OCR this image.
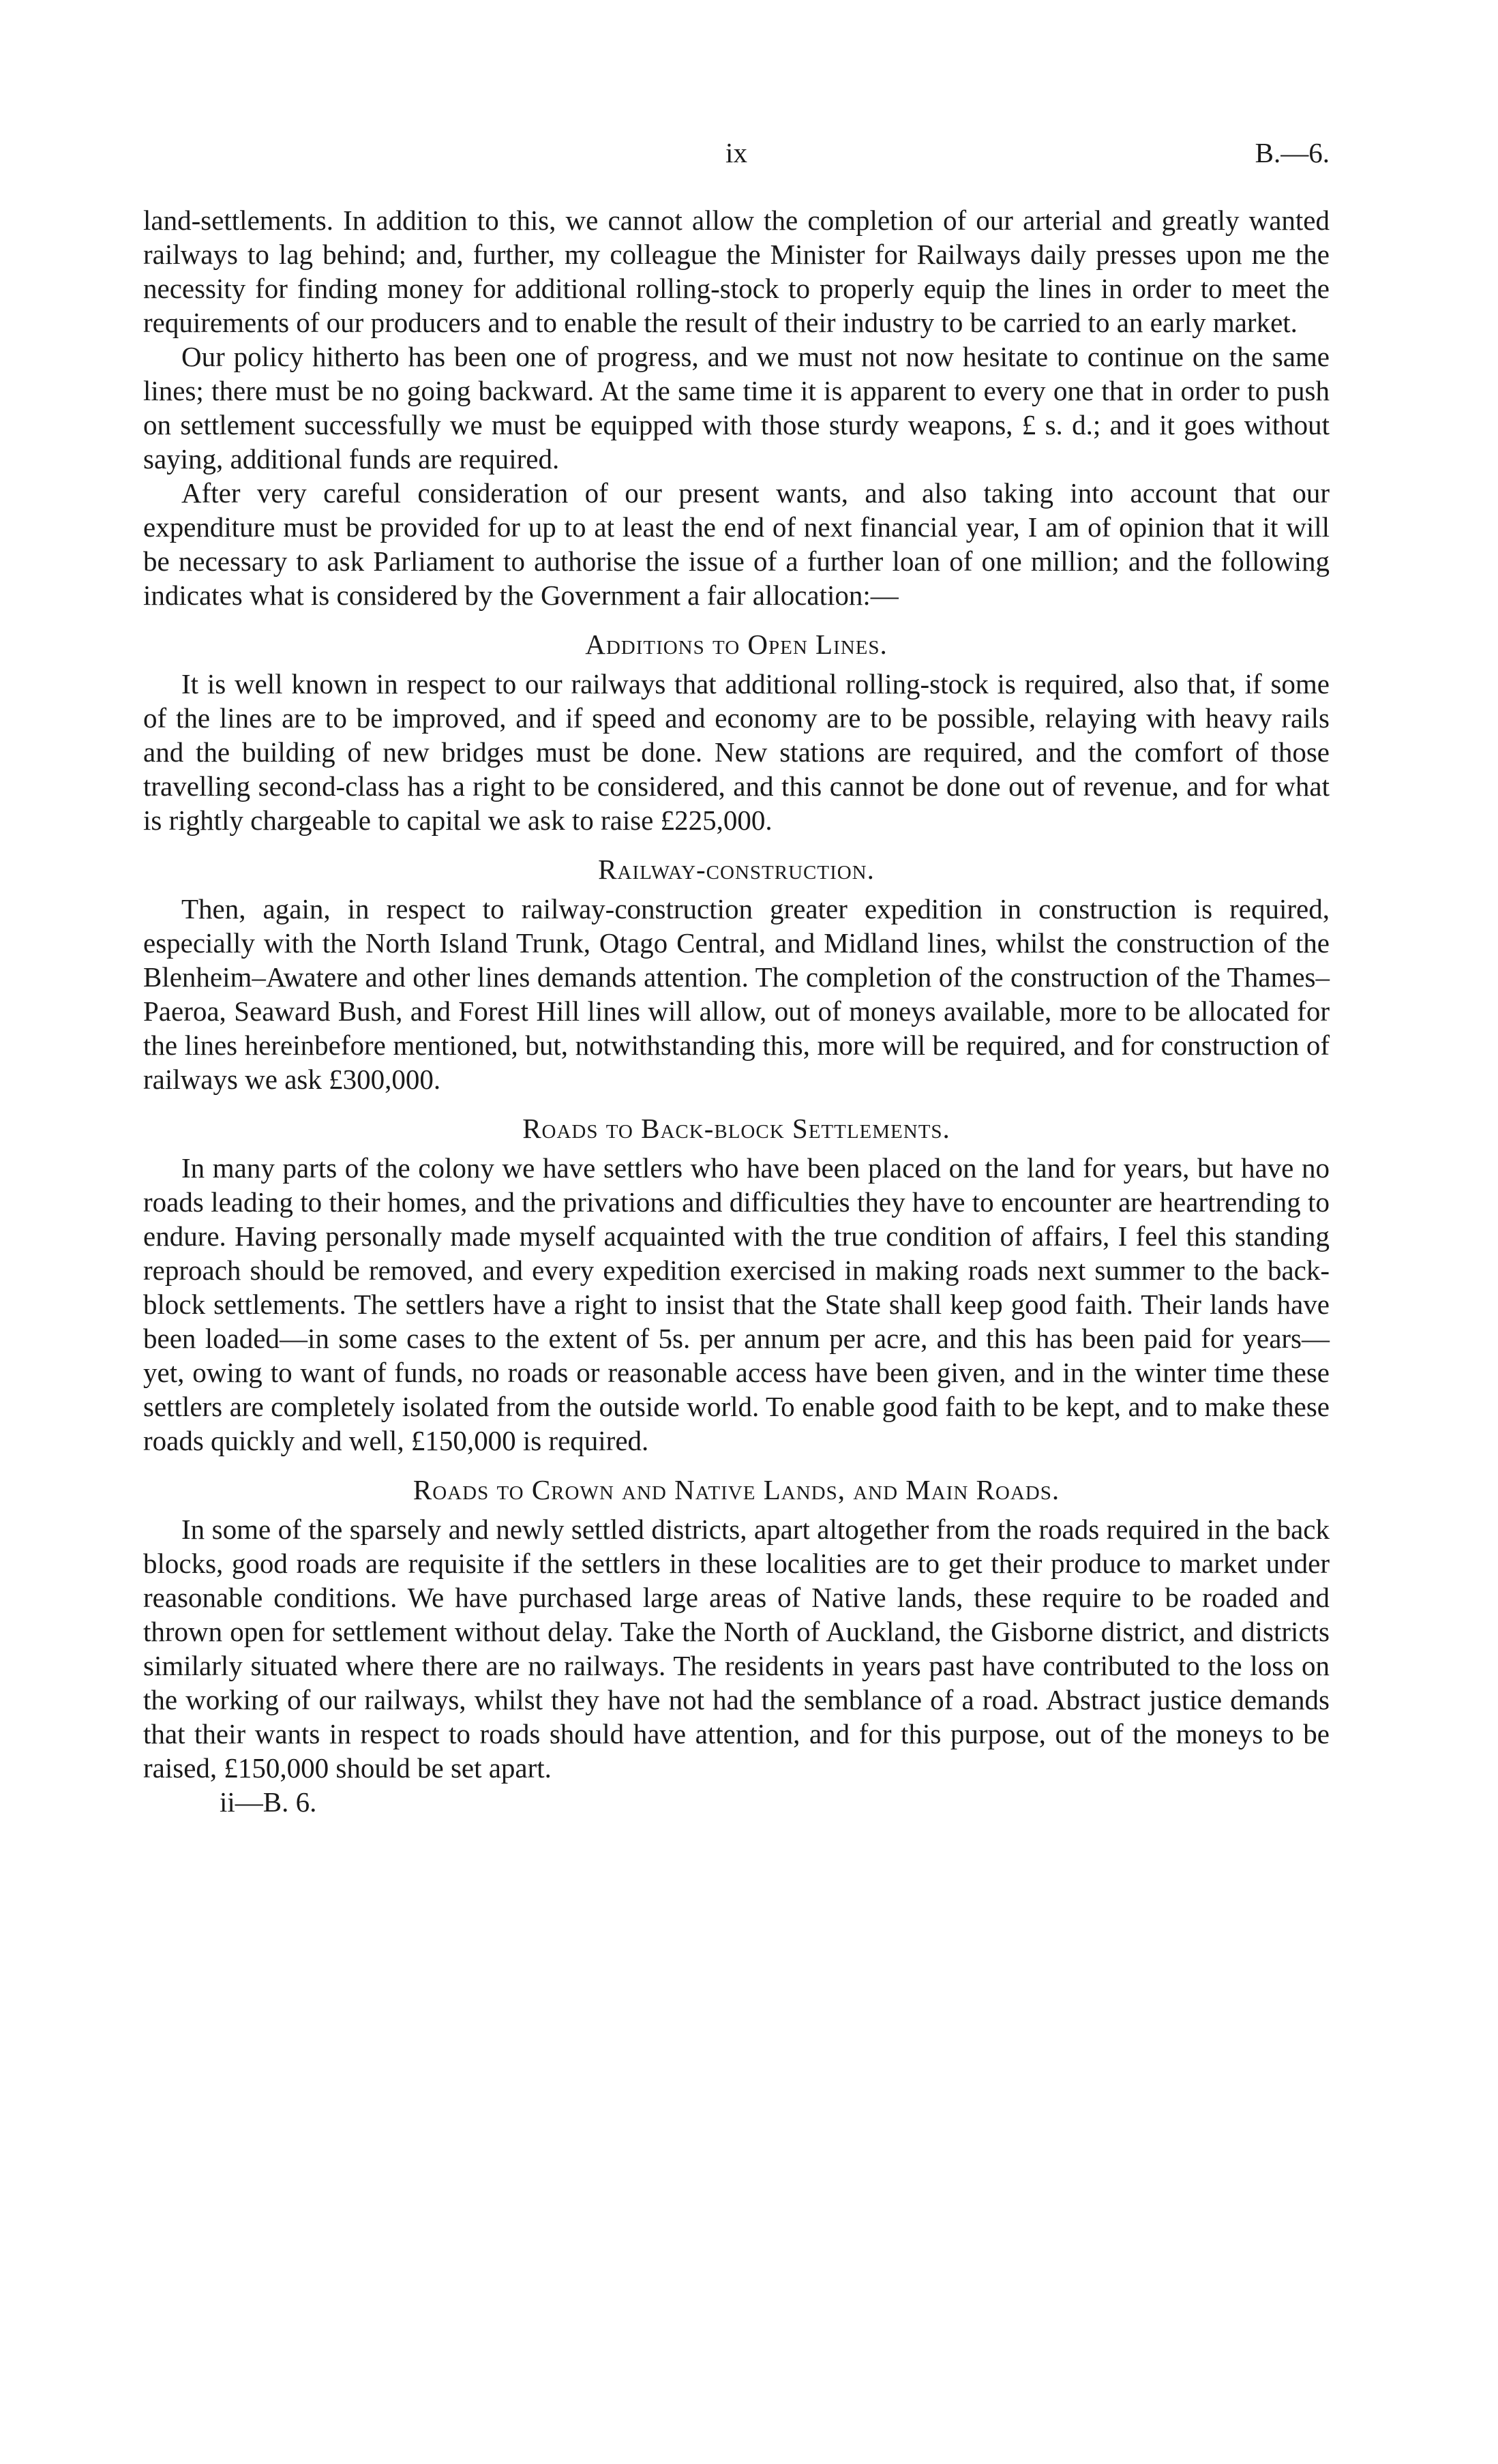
ix	B.—6.

land-settlements. In addition to this, we cannot allow the completion of our arterial and greatly wanted railways to lag behind; and, further, my colleague the Minister for Railways daily presses upon me the necessity for finding money for additional rolling-stock to properly equip the lines in order to meet the requirements of our producers and to enable the result of their industry to be carried to an early market.

Our policy hitherto has been one of progress, and we must not now hesitate to continue on the same lines; there must be no going backward. At the same time it is apparent to every one that in order to push on settlement successfully we must be equipped with those sturdy weapons, £ s. d.; and it goes without saying, additional funds are required.

After very careful consideration of our present wants, and also taking into account that our expenditure must be provided for up to at least the end of next financial year, I am of opinion that it will be necessary to ask Parliament to authorise the issue of a further loan of one million; and the following indicates what is considered by the Government a fair allocation:—

Additions to Open Lines.

It is well known in respect to our railways that additional rolling-stock is required, also that, if some of the lines are to be improved, and if speed and economy are to be possible, relaying with heavy rails and the building of new bridges must be done. New stations are required, and the comfort of those travelling second-class has a right to be considered, and this cannot be done out of revenue, and for what is rightly chargeable to capital we ask to raise £225,000.

Railway-construction.

Then, again, in respect to railway-construction greater expedition in construction is required, especially with the North Island Trunk, Otago Central, and Midland lines, whilst the construction of the Blenheim–Awatere and other lines demands attention. The completion of the construction of the Thames–Paeroa, Seaward Bush, and Forest Hill lines will allow, out of moneys available, more to be allocated for the lines hereinbefore mentioned, but, notwithstanding this, more will be required, and for construction of railways we ask £300,000.

Roads to Back-block Settlements.

In many parts of the colony we have settlers who have been placed on the land for years, but have no roads leading to their homes, and the privations and difficulties they have to encounter are heartrending to endure. Having personally made myself acquainted with the true condition of affairs, I feel this standing reproach should be removed, and every expedition exercised in making roads next summer to the back-block settlements. The settlers have a right to insist that the State shall keep good faith. Their lands have been loaded—in some cases to the extent of 5s. per annum per acre, and this has been paid for years—yet, owing to want of funds, no roads or reasonable access have been given, and in the winter time these settlers are completely isolated from the outside world. To enable good faith to be kept, and to make these roads quickly and well, £150,000 is required.

Roads to Crown and Native Lands, and Main Roads.

In some of the sparsely and newly settled districts, apart altogether from the roads required in the back blocks, good roads are requisite if the settlers in these localities are to get their produce to market under reasonable conditions. We have purchased large areas of Native lands, these require to be roaded and thrown open for settlement without delay. Take the North of Auckland, the Gisborne district, and districts similarly situated where there are no railways. The residents in years past have contributed to the loss on the working of our railways, whilst they have not had the semblance of a road. Abstract justice demands that their wants in respect to roads should have attention, and for this purpose, out of the moneys to be raised, £150,000 should be set apart.

ii—B. 6.
